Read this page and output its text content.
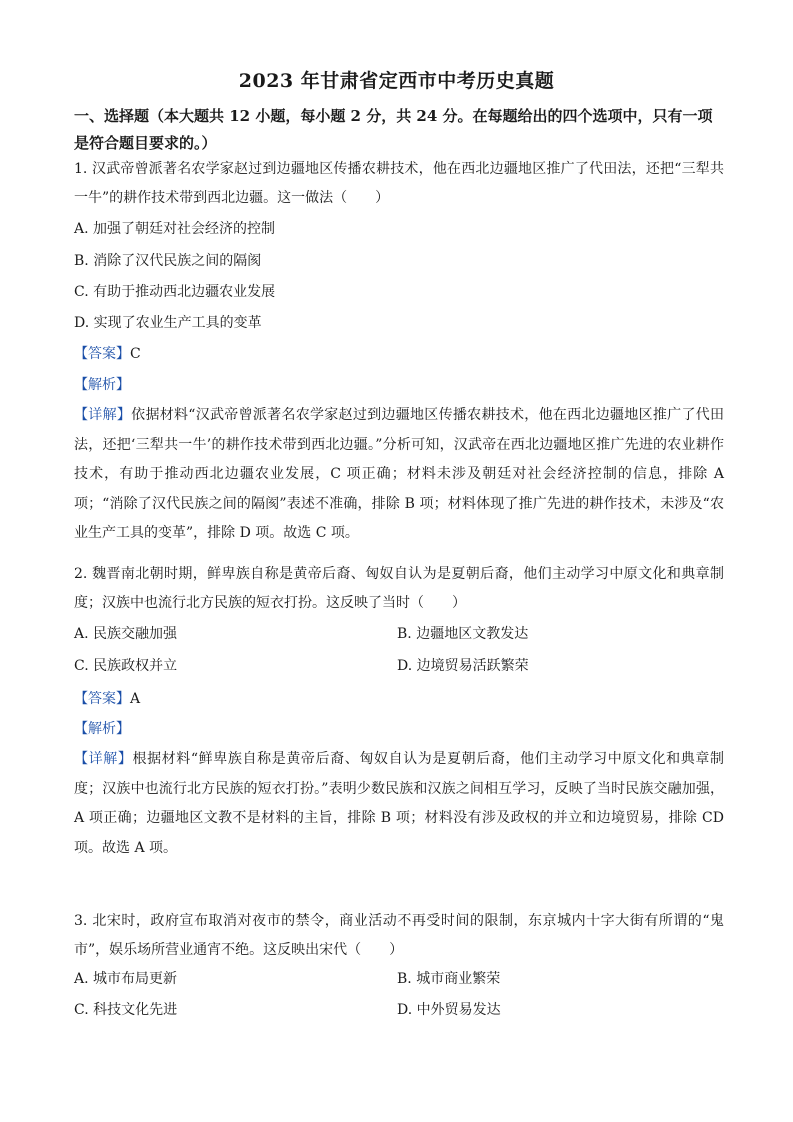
2023 年甘肃省定西市中考历史真题
一、选择题（本大题共 12 小题，每小题 2 分，共 24 分。在每题给出的四个选项中，只有一项是符合题目要求的。）
1. 汉武帝曾派著名农学家赵过到边疆地区传播农耕技术，他在西北边疆地区推广了代田法，还把“三犁共一牛”的耕作技术带到西北边疆。这一做法（　　）
A. 加强了朝廷对社会经济的控制
B. 消除了汉代民族之间的隔阂
C. 有助于推动西北边疆农业发展
D. 实现了农业生产工具的变革
【答案】C
【解析】
【详解】依据材料“汉武帝曾派著名农学家赵过到边疆地区传播农耕技术，他在西北边疆地区推广了代田法，还把‘三犁共一牛’的耕作技术带到西北边疆。”分析可知，汉武帝在西北边疆地区推广先进的农业耕作技术，有助于推动西北边疆农业发展，C 项正确；材料未涉及朝廷对社会经济控制的信息，排除 A 项；“消除了汉代民族之间的隔阂”表述不准确，排除 B 项；材料体现了推广先进的耕作技术，未涉及“农业生产工具的变革”，排除 D 项。故选 C 项。
2. 魏晋南北朝时期，鲜卑族自称是黄帝后裔、匈奴自认为是夏朝后裔，他们主动学习中原文化和典章制度；汉族中也流行北方民族的短衣打扮。这反映了当时（　　）
A. 民族交融加强	B. 边疆地区文教发达
C. 民族政权并立	D. 边境贸易活跃繁荣
【答案】A
【解析】
【详解】根据材料“鲜卑族自称是黄帝后裔、匈奴自认为是夏朝后裔，他们主动学习中原文化和典章制度；汉族中也流行北方民族的短衣打扮。”表明少数民族和汉族之间相互学习，反映了当时民族交融加强，A 项正确；边疆地区文教不是材料的主旨，排除 B 项；材料没有涉及政权的并立和边境贸易，排除 CD 项。故选 A 项。
3. 北宋时，政府宣布取消对夜市的禁令，商业活动不再受时间的限制，东京城内十字大街有所谓的“鬼市”，娱乐场所营业通宵不绝。这反映出宋代（　　）
A. 城市布局更新	B. 城市商业繁荣
C. 科技文化先进	D. 中外贸易发达
